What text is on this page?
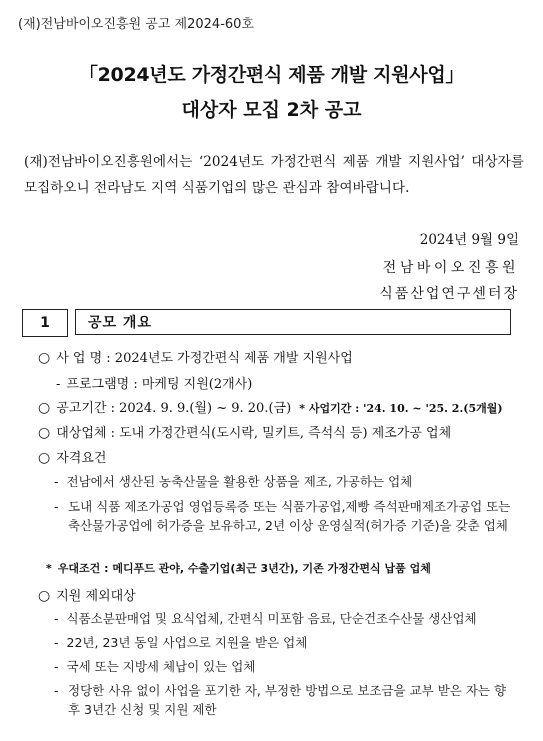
(재)전남바이오진흥원 공고 제2024-60호
「2024년도 가정간편식 제품 개발 지원사업」
대상자 모집 2차 공고
(재)전남바이오진흥원에서는 ‘2024년도 가정간편식 제품 개발 지원사업’ 대상자를 모집하오니 전라남도 지역 식품기업의 많은 관심과 참여바랍니다.
2024년 9월 9일
전남바이오진흥원
식품산업연구센터장
1	공모 개요
○ 사 업 명 : 2024년도 가정간편식 제품 개발 지원사업
- 프로그램명 : 마케팅 지원(2개사)
○ 공고기간 : 2024. 9. 9.(월) ~ 9. 20.(금) * 사업기간 : '24. 10. ~ '25. 2.(5개월)
○ 대상업체 : 도내 가정간편식(도시락, 밀키트, 즉석식 등) 제조가공 업체
○ 자격요건
- 전남에서 생산된 농축산물을 활용한 상품을 제조, 가공하는 업체
- 도내 식품 제조가공업 영업등록증 또는 식품가공업,제빵 즉석판매제조가공업 또는 축산물가공업에 허가증을 보유하고, 2년 이상 운영실적(허가증 기준)을 갖춘 업체
* 우대조건 : 메디푸드 관야, 수출기업(최근 3년간), 기존 가정간편식 납품 업체
○ 지원 제외대상
- 식품소분판매업 및 요식업체, 간편식 미포함 음료, 단순건조수산물 생산업체
- 22년, 23년 동일 사업으로 지원을 받은 업체
- 국세 또는 지방세 체납이 있는 업체
- 정당한 사유 없이 사업을 포기한 자, 부정한 방법으로 보조금을 교부 받은 자는 향후 3년간 신청 및 지원 제한
